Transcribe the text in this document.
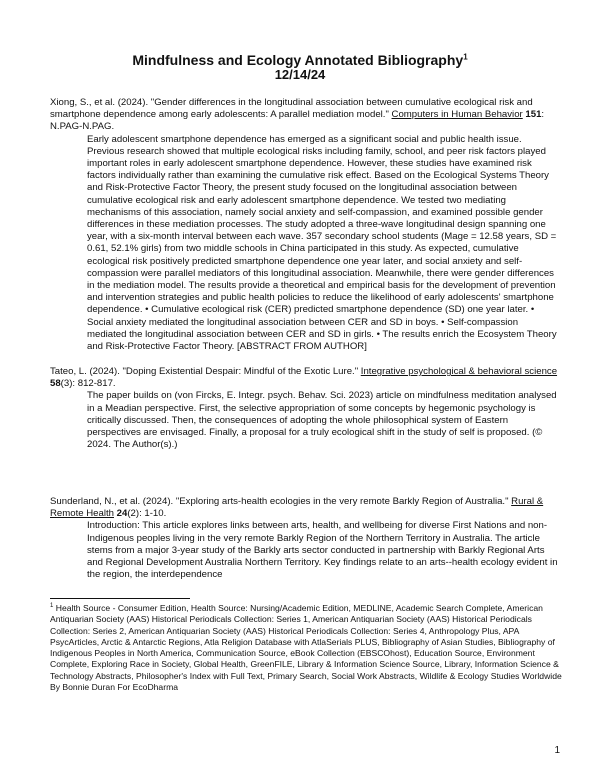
Mindfulness and Ecology Annotated Bibliography$^1$
12/14/24

Xiong, S., et al. (2024). "Gender differences in the longitudinal association between cumulative ecological risk and smartphone dependence among early adolescents: A parallel mediation model." Computers in Human Behavior 151: N.PAG-N.PAG.

Early adolescent smartphone dependence has emerged as a significant social and public health issue. Previous research showed that multiple ecological risks including family, school, and peer risk factors played important roles in early adolescent smartphone dependence. However, these studies have examined risk factors individually rather than examining the cumulative risk effect. Based on the Ecological Systems Theory and Risk-Protective Factor Theory, the present study focused on the longitudinal association between cumulative ecological risk and early adolescent smartphone dependence. We tested two mediating mechanisms of this association, namely social anxiety and self-compassion, and examined possible gender differences in these mediation processes. The study adopted a three-wave longitudinal design spanning one year, with a six-month interval between each wave. 357 secondary school students (Mage = 12.58 years, SD = 0.61, 52.1% girls) from two middle schools in China participated in this study. As expected, cumulative ecological risk positively predicted smartphone dependence one year later, and social anxiety and self-compassion were parallel mediators of this longitudinal association. Meanwhile, there were gender differences in the mediation model. The results provide a theoretical and empirical basis for the development of prevention and intervention strategies and public health policies to reduce the likelihood of early adolescents' smartphone dependence. • Cumulative ecological risk (CER) predicted smartphone dependence (SD) one year later. • Social anxiety mediated the longitudinal association between CER and SD in boys. • Self-compassion mediated the longitudinal association between CER and SD in girls. • The results enrich the Ecosystem Theory and Risk-Protective Factor Theory. [ABSTRACT FROM AUTHOR]

Tateo, L. (2024). "Doping Existential Despair: Mindful of the Exotic Lure." Integrative psychological & behavioral science 58(3): 812-817.

The paper builds on (von Fircks, E. Integr. psych. Behav. Sci. 2023) article on mindfulness meditation analysed in a Meadian perspective. First, the selective appropriation of some concepts by hegemonic psychology is critically discussed. Then, the consequences of adopting the whole philosophical system of Eastern perspectives are envisaged. Finally, a proposal for a truly ecological shift in the study of self is proposed. (© 2024. The Author(s).)

Sunderland, N., et al. (2024). "Exploring arts-health ecologies in the very remote Barkly Region of Australia." Rural & Remote Health 24(2): 1-10.

Introduction: This article explores links between arts, health, and wellbeing for diverse First Nations and non-Indigenous peoples living in the very remote Barkly Region of the Northern Territory in Australia. The article stems from a major 3-year study of the Barkly arts sector conducted in partnership with Barkly Regional Arts and Regional Development Australia Northern Territory. Key findings relate to an arts--health ecology evident in the region, the interdependence

$^1$ Health Source - Consumer Edition, Health Source: Nursing/Academic Edition, MEDLINE, Academic Search Complete, American Antiquarian Society (AAS) Historical Periodicals Collection: Series 1, American Antiquarian Society (AAS) Historical Periodicals Collection: Series 2, American Antiquarian Society (AAS) Historical Periodicals Collection: Series 4, Anthropology Plus, APA PsycArticles, Arctic & Antarctic Regions, Atla Religion Database with AtlaSerials PLUS, Bibliography of Asian Studies, Bibliography of Indigenous Peoples in North America, Communication Source, eBook Collection (EBSCOhost), Education Source, Environment Complete, Exploring Race in Society, Global Health, GreenFILE, Library & Information Science Source, Library, Information Science & Technology Abstracts, Philosopher's Index with Full Text, Primary Search, Social Work Abstracts, Wildlife & Ecology Studies Worldwide By Bonnie Duran For EcoDharma
1
